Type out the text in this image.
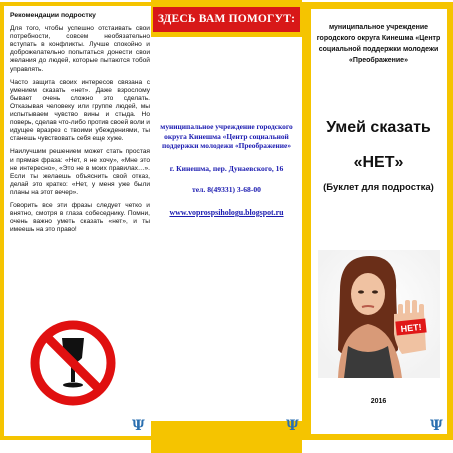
Рекомендации подростку

Для того, чтобы успешно отстаивать свои потребности, совсем необязательно вступать в конфликты. Лучше спокойно и доброжелательно попытаться донести свои желания до людей, которые пытаются тобой управлять.

Часто защита своих интересов связана с умением сказать «нет». Даже взрослому бывает очень сложно это сделать. Отказывая человеку или группе людей, мы испытываем чувство вины и стыда. Но поверь, сделав что-либо против своей воли и идущее вразрез с твоими убеждениями, ты станешь чувствовать себя еще хуже.

Наилучшим решением может стать простая и прямая фраза: «Нет, я не хочу», «Мне это не интересно», «Это не в моих правилах…». Если ты желаешь объяснить свой отказ, делай это кратко: «Нет, у меня уже были планы на этот вечер».

Говорить все эти фразы следует четко и внятно, смотря в глаза собеседнику. Помни, очень важно уметь сказать «нет», и ты имеешь на это право!

Ψ
ЗДЕСЬ ВАМ ПОМОГУТ:
муниципальное учреждение городского округа Кинешма «Центр социальной поддержки молодежи «Преображение»
г. Кинешма, пер. Дунаевского, 16
тел. 8(49331) 3-68-00
www.voprospsihologu.blogspot.ru
Ψ
муниципальное учреждение городского округа Кинешма «Центр социальной поддержки молодежи «Преображение»
Умей сказать
«НЕТ»
(Буклет для подростка)
НЕТ!
2016
Ψ
